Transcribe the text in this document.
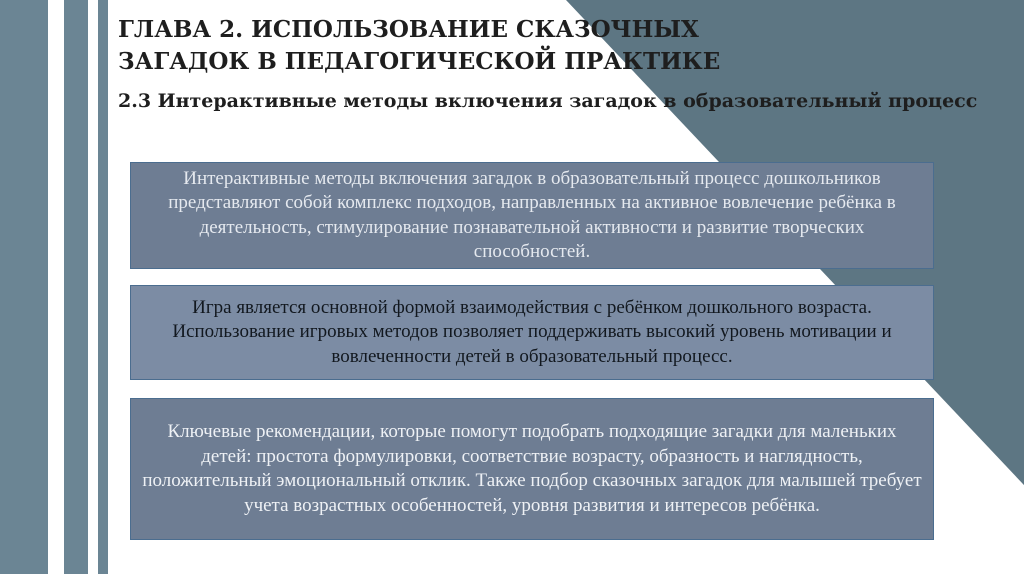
ГЛАВА 2. ИСПОЛЬЗОВАНИЕ СКАЗОЧНЫХ ЗАГАДОК В ПЕДАГОГИЧЕСКОЙ ПРАКТИКЕ
2.3 Интерактивные методы включения загадок в образовательный процесс

Интерактивные методы включения загадок в образовательный процесс дошкольников представляют собой комплекс подходов, направленных на активное вовлечение ребёнка в деятельность, стимулирование познавательной активности и развитие творческих способностей.

Игра является основной формой взаимодействия с ребёнком дошкольного возраста. Использование игровых методов позволяет поддерживать высокий уровень мотивации и вовлеченности детей в образовательный процесс.

Ключевые рекомендации, которые помогут подобрать подходящие загадки для маленьких детей: простота формулировки, соответствие возрасту, образность и наглядность, положительный эмоциональный отклик. Также подбор сказочных загадок для малышей требует учета возрастных особенностей, уровня развития и интересов ребёнка.
